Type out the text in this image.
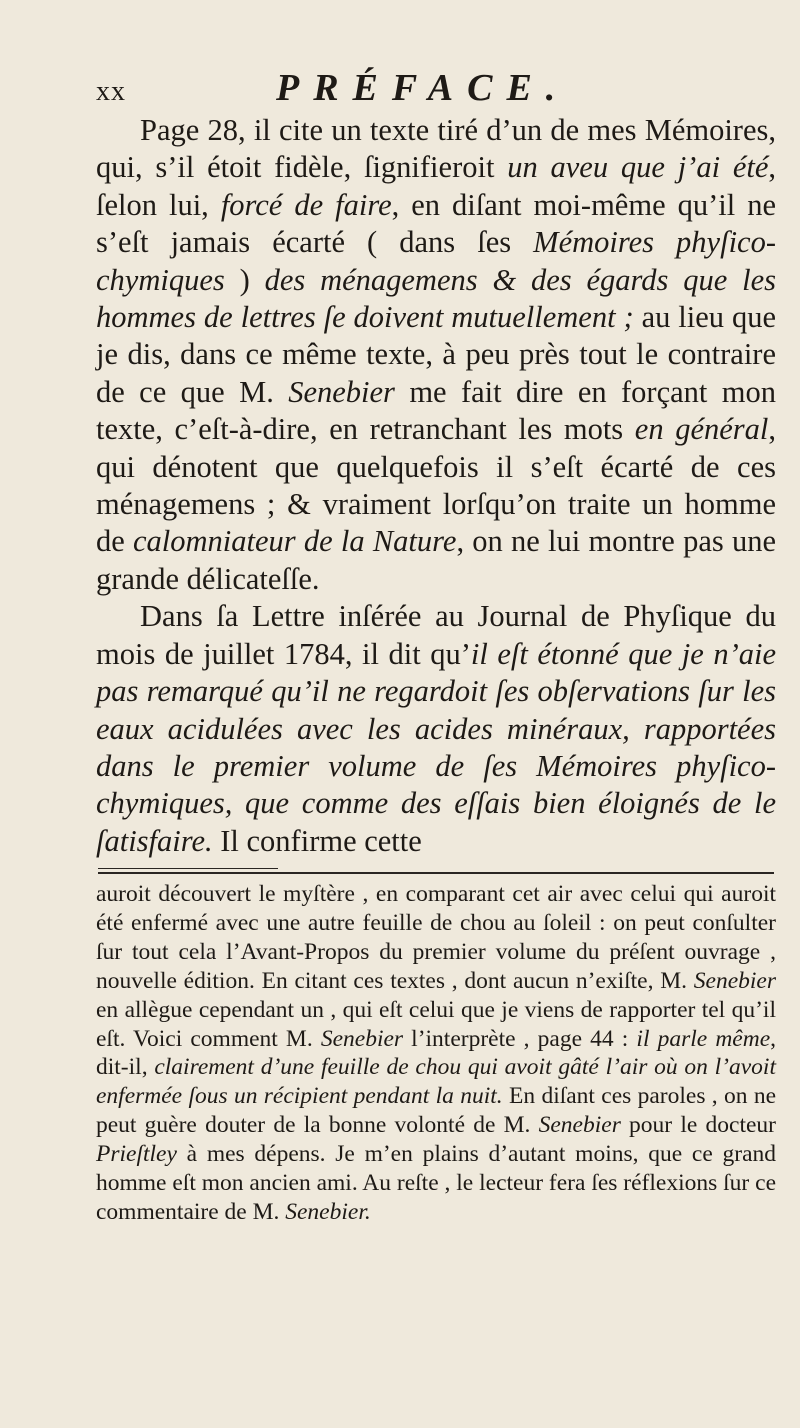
xx	PRÉFACE.

Page 28, il cite un texte tiré d’un de mes Mémoires, qui, s’il étoit fidèle, ſignifieroit un aveu que j’ai été, ſelon lui, forcé de faire, en diſant moi-même qu’il ne s’eſt jamais écarté ( dans ſes Mémoires phyſico-chymiques ) des ménagemens & des égards que les hommes de lettres ſe doivent mutuellement ; au lieu que je dis, dans ce même texte, à peu près tout le contraire de ce que M. Senebier me fait dire en forçant mon texte, c’eſt-à-dire, en retranchant les mots en général, qui dénotent que quelquefois il s’eſt écarté de ces ménagemens ; & vraiment lorſqu’on traite un homme de calomniateur de la Nature, on ne lui montre pas une grande délicateſſe.

Dans ſa Lettre inſérée au Journal de Phyſique du mois de juillet 1784, il dit qu’il eſt étonné que je n’aie pas remarqué qu’il ne regardoit ſes obſervations ſur les eaux acidulées avec les acides minéraux, rapportées dans le premier volume de ſes Mémoires phyſico-chymiques, que comme des eſſais bien éloignés de le ſatisfaire. Il confirme cette

auroit découvert le myſtère , en comparant cet air avec celui qui auroit été enfermé avec une autre feuille de chou au ſoleil : on peut conſulter ſur tout cela l’Avant-Propos du premier volume du préſent ouvrage , nouvelle édition. En citant ces textes , dont aucun n’exiſte, M. Senebier en allègue cependant un , qui eſt celui que je viens de rapporter tel qu’il eſt. Voici comment M. Senebier l’interprète , page 44 : il parle même, dit-il, clairement d’une feuille de chou qui avoit gâté l’air où on l’avoit enfermée ſous un récipient pendant la nuit. En diſant ces paroles , on ne peut guère douter de la bonne volonté de M. Senebier pour le docteur Prieſtley à mes dépens. Je m’en plains d’autant moins, que ce grand homme eſt mon ancien ami. Au reſte , le lecteur fera ſes réflexions ſur ce commentaire de M. Senebier.
